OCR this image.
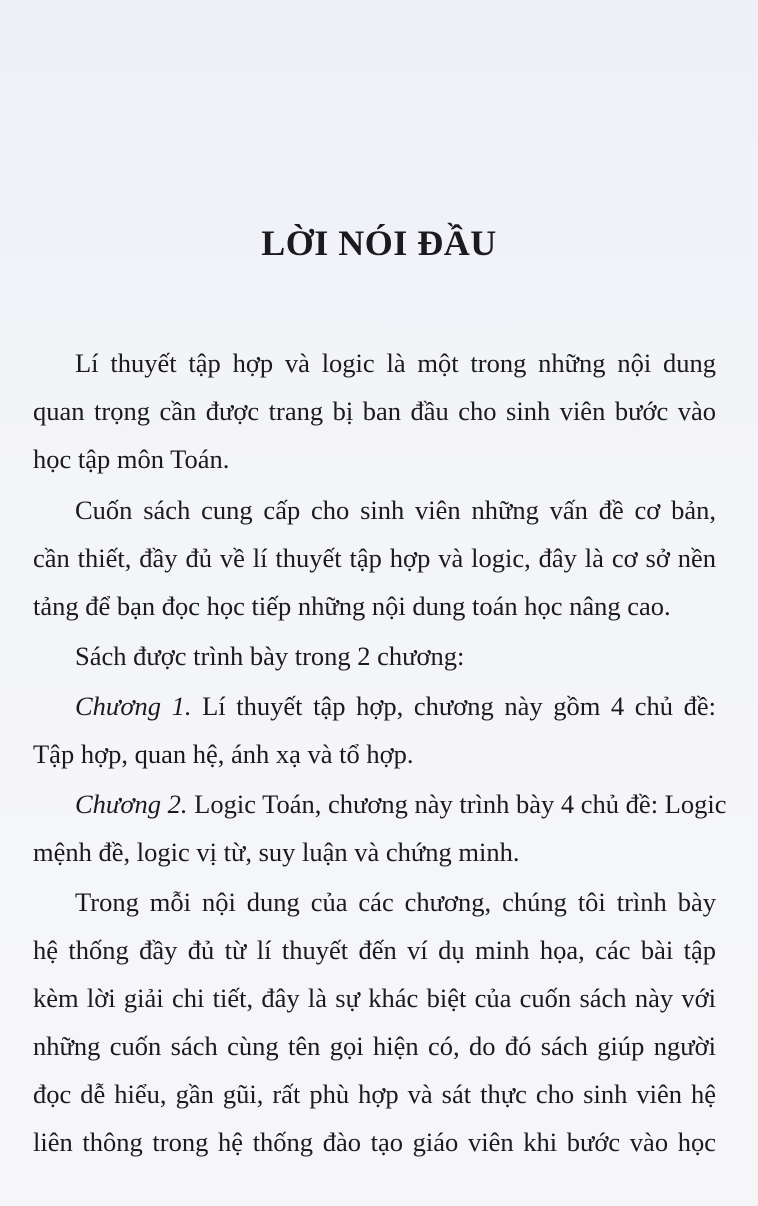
LỜI NÓI ĐẦU
Lí thuyết tập hợp và logic là một trong những nội dung
quan trọng cần được trang bị ban đầu cho sinh viên bước vào
học tập môn Toán.
Cuốn sách cung cấp cho sinh viên những vấn đề cơ bản,
cần thiết, đầy đủ về lí thuyết tập hợp và logic, đây là cơ sở nền
tảng để bạn đọc học tiếp những nội dung toán học nâng cao.
Sách được trình bày trong 2 chương:
Chương 1. Lí thuyết tập hợp, chương này gồm 4 chủ đề:
Tập hợp, quan hệ, ánh xạ và tổ hợp.
Chương 2. Logic Toán, chương này trình bày 4 chủ đề: Logic
mệnh đề, logic vị từ, suy luận và chứng minh.
Trong mỗi nội dung của các chương, chúng tôi trình bày
hệ thống đầy đủ từ lí thuyết đến ví dụ minh họa, các bài tập
kèm lời giải chi tiết, đây là sự khác biệt của cuốn sách này với
những cuốn sách cùng tên gọi hiện có, do đó sách giúp người
đọc dễ hiểu, gần gũi, rất phù hợp và sát thực cho sinh viên hệ
liên thông trong hệ thống đào tạo giáo viên khi bước vào học
